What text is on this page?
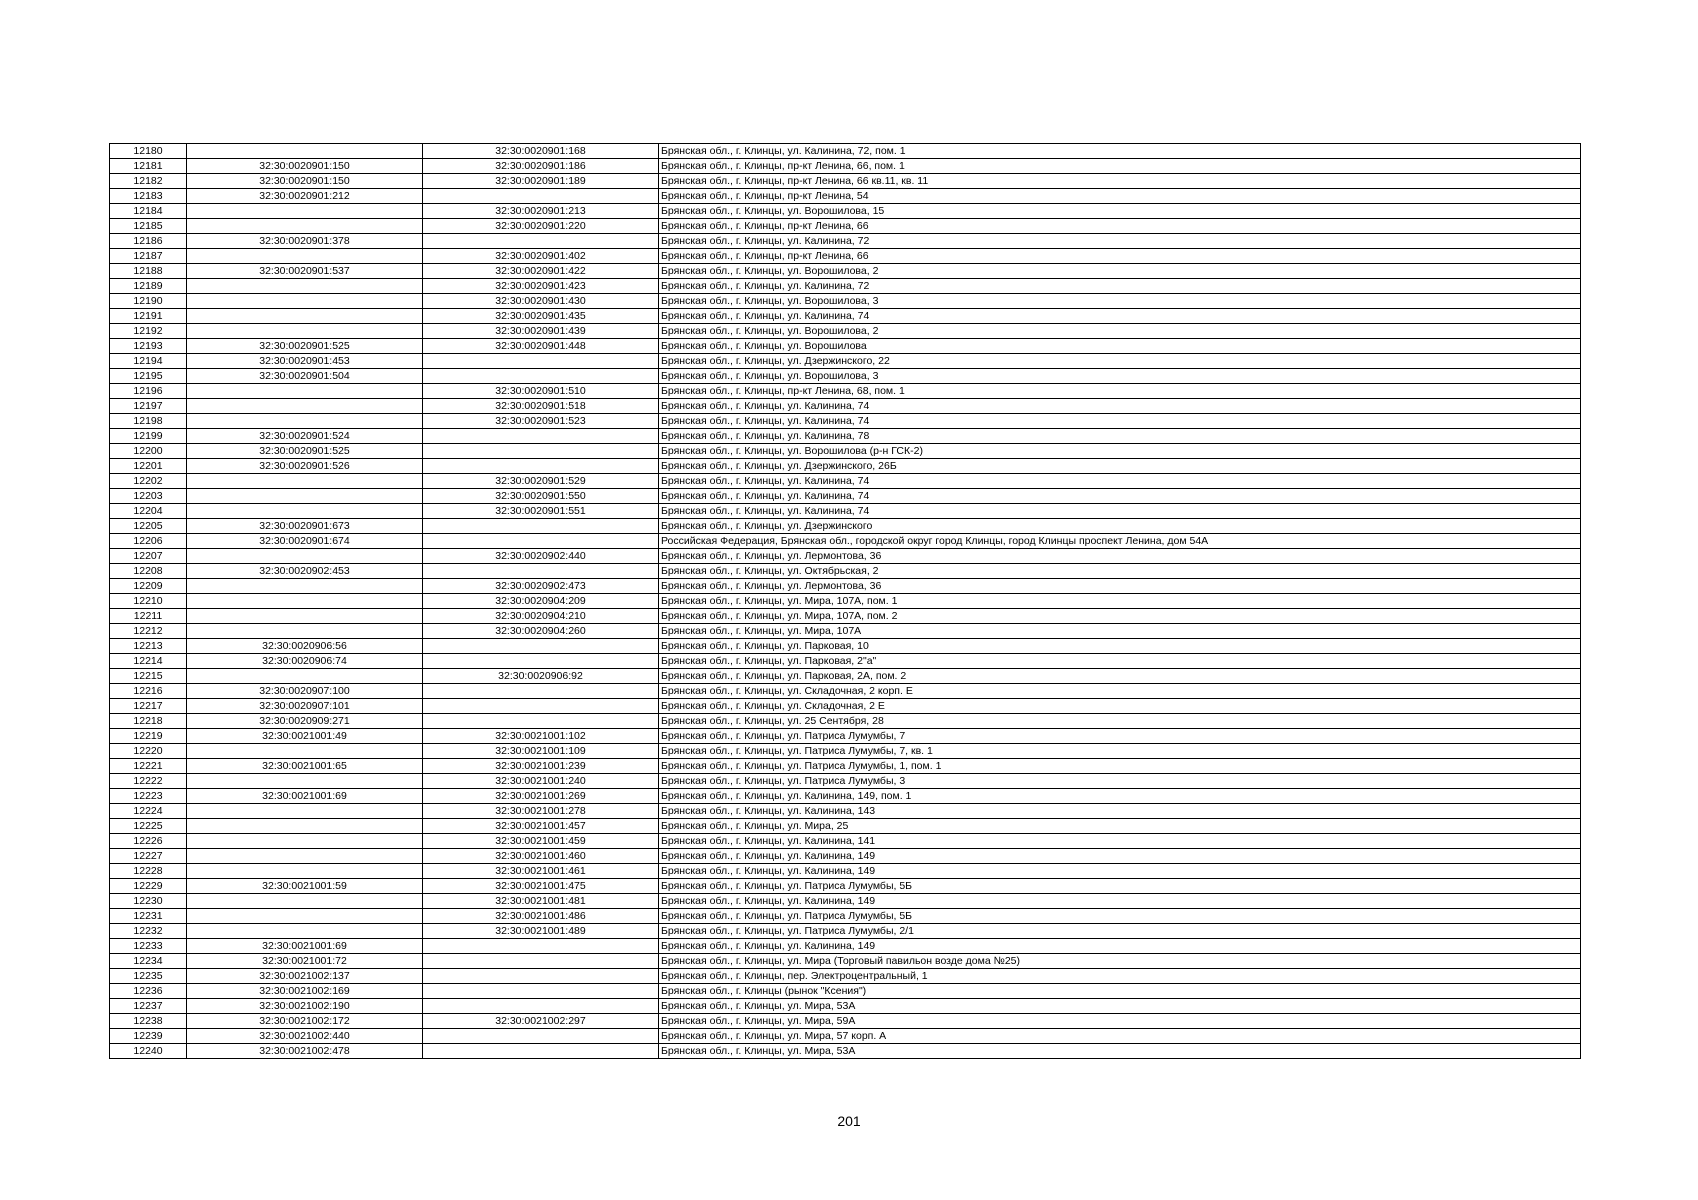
12180		32:30:0020901:168	Брянская обл., г. Клинцы, ул. Калинина, 72, пом. 1
12181	32:30:0020901:150	32:30:0020901:186	Брянская обл., г. Клинцы, пр-кт Ленина, 66, пом. 1
12182	32:30:0020901:150	32:30:0020901:189	Брянская обл., г. Клинцы, пр-кт Ленина, 66 кв.11, кв. 11
12183	32:30:0020901:212		Брянская обл., г. Клинцы, пр-кт Ленина, 54
12184		32:30:0020901:213	Брянская обл., г. Клинцы, ул. Ворошилова, 15
12185		32:30:0020901:220	Брянская обл., г. Клинцы, пр-кт Ленина, 66
12186	32:30:0020901:378		Брянская обл., г. Клинцы, ул. Калинина, 72
12187		32:30:0020901:402	Брянская обл., г. Клинцы, пр-кт Ленина, 66
12188	32:30:0020901:537	32:30:0020901:422	Брянская обл., г. Клинцы, ул. Ворошилова, 2
12189		32:30:0020901:423	Брянская обл., г. Клинцы, ул. Калинина, 72
12190		32:30:0020901:430	Брянская обл., г. Клинцы, ул. Ворошилова, 3
12191		32:30:0020901:435	Брянская обл., г. Клинцы, ул. Калинина, 74
12192		32:30:0020901:439	Брянская обл., г. Клинцы, ул. Ворошилова, 2
12193	32:30:0020901:525	32:30:0020901:448	Брянская обл., г. Клинцы, ул. Ворошилова
12194	32:30:0020901:453		Брянская обл., г. Клинцы, ул. Дзержинского, 22
12195	32:30:0020901:504		Брянская обл., г. Клинцы, ул. Ворошилова, 3
12196		32:30:0020901:510	Брянская обл., г. Клинцы, пр-кт Ленина, 68, пом. 1
12197		32:30:0020901:518	Брянская обл., г. Клинцы, ул. Калинина, 74
12198		32:30:0020901:523	Брянская обл., г. Клинцы, ул. Калинина, 74
12199	32:30:0020901:524		Брянская обл., г. Клинцы, ул. Калинина, 78
12200	32:30:0020901:525		Брянская обл., г. Клинцы, ул. Ворошилова (р-н ГСК-2)
12201	32:30:0020901:526		Брянская обл., г. Клинцы, ул. Дзержинского, 26Б
12202		32:30:0020901:529	Брянская обл., г. Клинцы, ул. Калинина, 74
12203		32:30:0020901:550	Брянская обл., г. Клинцы, ул. Калинина, 74
12204		32:30:0020901:551	Брянская обл., г. Клинцы, ул. Калинина, 74
12205	32:30:0020901:673		Брянская обл., г. Клинцы, ул. Дзержинского
12206	32:30:0020901:674		Российская Федерация, Брянская обл., городской округ город Клинцы, город Клинцы проспект Ленина, дом 54А
12207		32:30:0020902:440	Брянская обл., г. Клинцы, ул. Лермонтова, 36
12208	32:30:0020902:453		Брянская обл., г. Клинцы, ул. Октябрьская, 2
12209		32:30:0020902:473	Брянская обл., г. Клинцы, ул. Лермонтова, 36
12210		32:30:0020904:209	Брянская обл., г. Клинцы, ул. Мира, 107А, пом. 1
12211		32:30:0020904:210	Брянская обл., г. Клинцы, ул. Мира, 107А, пом. 2
12212		32:30:0020904:260	Брянская обл., г. Клинцы, ул. Мира, 107А
12213	32:30:0020906:56		Брянская обл., г. Клинцы, ул. Парковая, 10
12214	32:30:0020906:74		Брянская обл., г. Клинцы, ул. Парковая, 2"а"
12215		32:30:0020906:92	Брянская обл., г. Клинцы, ул. Парковая, 2А, пом. 2
12216	32:30:0020907:100		Брянская обл., г. Клинцы, ул. Складочная, 2 корп. Е
12217	32:30:0020907:101		Брянская обл., г. Клинцы, ул. Складочная, 2 Е
12218	32:30:0020909:271		Брянская обл., г. Клинцы, ул. 25 Сентября, 28
12219	32:30:0021001:49	32:30:0021001:102	Брянская обл., г. Клинцы, ул. Патриса Лумумбы, 7
12220		32:30:0021001:109	Брянская обл., г. Клинцы, ул. Патриса Лумумбы, 7, кв. 1
12221	32:30:0021001:65	32:30:0021001:239	Брянская обл., г. Клинцы, ул. Патриса Лумумбы, 1, пом. 1
12222		32:30:0021001:240	Брянская обл., г. Клинцы, ул. Патриса Лумумбы, 3
12223	32:30:0021001:69	32:30:0021001:269	Брянская обл., г. Клинцы, ул. Калинина, 149, пом. 1
12224		32:30:0021001:278	Брянская обл., г. Клинцы, ул. Калинина, 143
12225		32:30:0021001:457	Брянская обл., г. Клинцы, ул. Мира, 25
12226		32:30:0021001:459	Брянская обл., г. Клинцы, ул. Калинина, 141
12227		32:30:0021001:460	Брянская обл., г. Клинцы, ул. Калинина, 149
12228		32:30:0021001:461	Брянская обл., г. Клинцы, ул. Калинина, 149
12229	32:30:0021001:59	32:30:0021001:475	Брянская обл., г. Клинцы, ул. Патриса Лумумбы, 5Б
12230		32:30:0021001:481	Брянская обл., г. Клинцы, ул. Калинина, 149
12231		32:30:0021001:486	Брянская обл., г. Клинцы, ул. Патриса Лумумбы, 5Б
12232		32:30:0021001:489	Брянская обл., г. Клинцы, ул. Патриса Лумумбы, 2/1
12233	32:30:0021001:69		Брянская обл., г. Клинцы, ул. Калинина, 149
12234	32:30:0021001:72		Брянская обл., г. Клинцы, ул. Мира (Торговый павильон возде дома №25)
12235	32:30:0021002:137		Брянская обл., г. Клинцы, пер. Электроцентральный, 1
12236	32:30:0021002:169		Брянская обл., г. Клинцы (рынок "Ксения")
12237	32:30:0021002:190		Брянская обл., г. Клинцы, ул. Мира, 53А
12238	32:30:0021002:172	32:30:0021002:297	Брянская обл., г. Клинцы, ул. Мира, 59А
12239	32:30:0021002:440		Брянская обл., г. Клинцы, ул. Мира, 57 корп. А
12240	32:30:0021002:478		Брянская обл., г. Клинцы, ул. Мира, 53А
201
